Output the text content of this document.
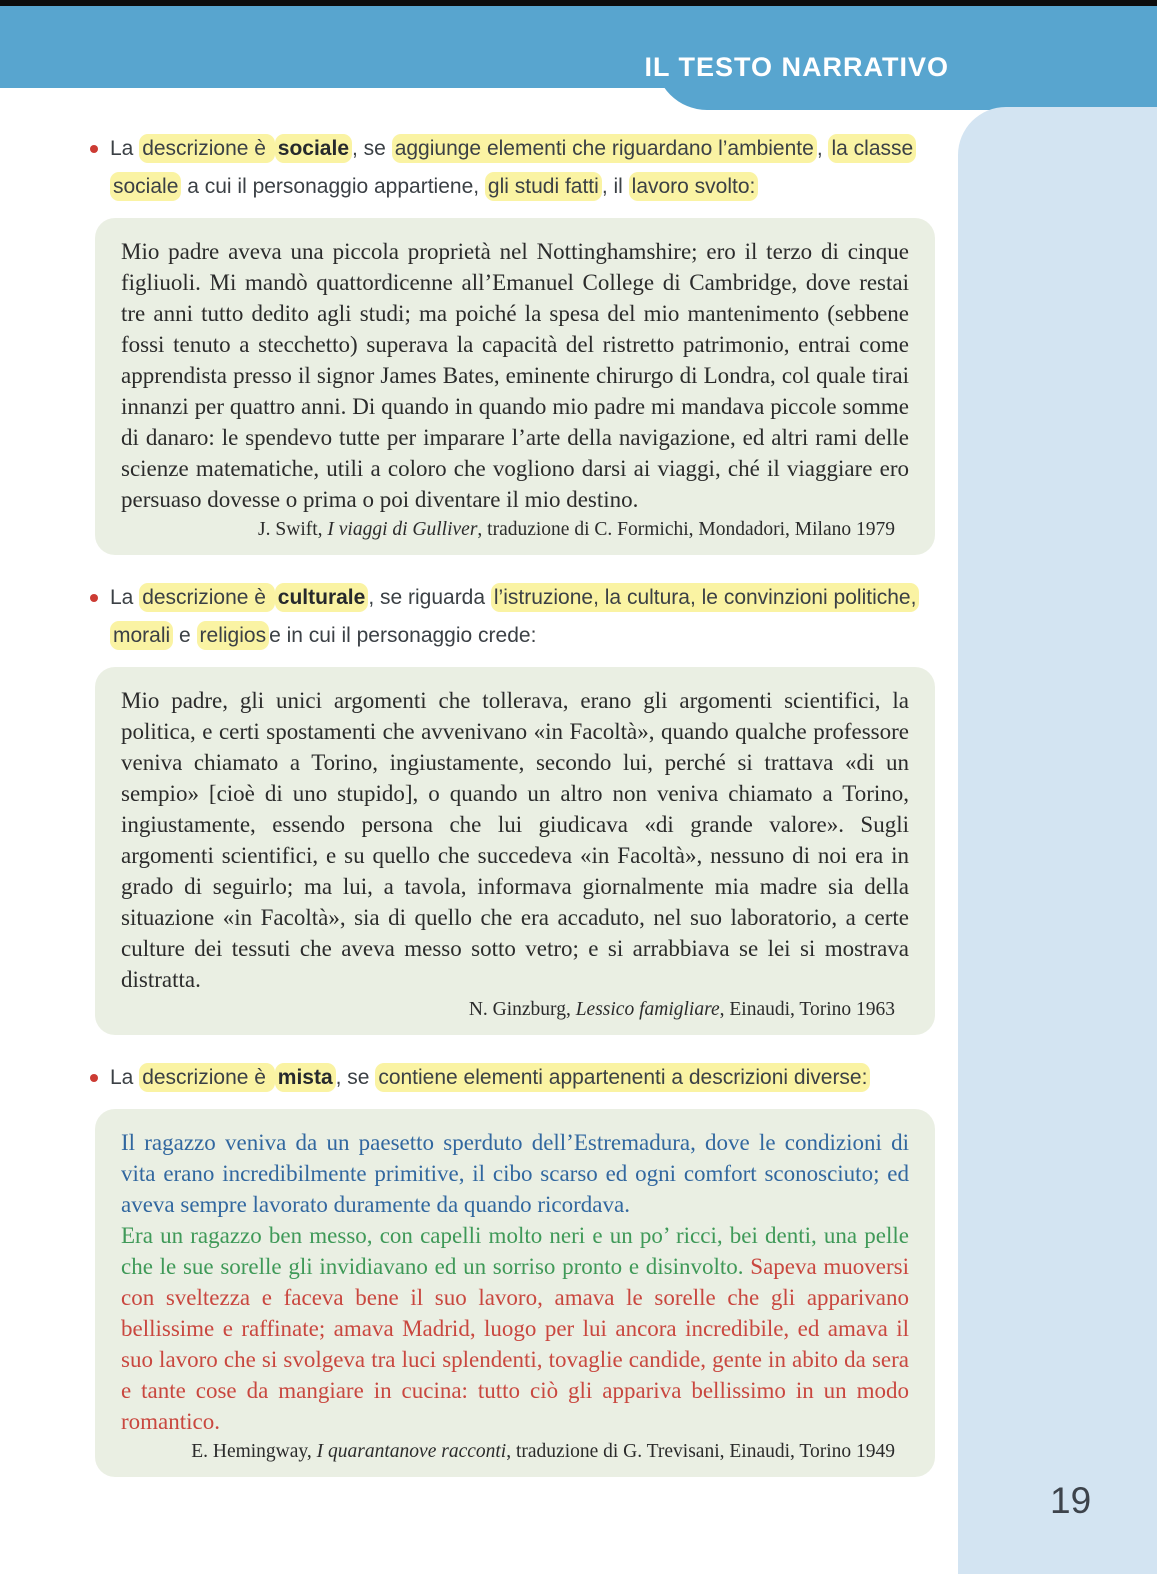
La descrizione è sociale , se aggiunge elementi che riguardano l’ambiente , la classe sociale a cui il personaggio appartiene, gli studi fatti , il lavoro svolto:
Mio padre aveva una piccola proprietà nel Nottinghamshire; ero il terzo di cinque figliuoli. Mi mandò quattordicenne all’Emanuel College di Cambridge, dove restai tre anni tutto dedito agli studi; ma poiché la spesa del mio mantenimento (sebbene fossi tenuto a stecchetto) superava la capacità del ristretto patrimonio, entrai come apprendista presso il signor James Bates, eminente chirurgo di Londra, col quale tirai innanzi per quattro anni. Di quando in quando mio padre mi mandava piccole somme di danaro: le spendevo tutte per imparare l’arte della navigazione, ed altri rami delle scienze matematiche, utili a coloro che vogliono darsi ai viaggi, ché il viaggiare ero persuaso dovesse o prima o poi diventare il mio destino.
J. Swift, I viaggi di Gulliver, traduzione di C. Formichi, Mondadori, Milano 1979
La descrizione è culturale , se riguarda l’istruzione, la cultura, le convinzioni politiche, morali e religios e in cui il personaggio crede:
Mio padre, gli unici argomenti che tollerava, erano gli argomenti scientifici, la politica, e certi spostamenti che avvenivano «in Facoltà», quando qualche professore veniva chiamato a Torino, ingiustamente, secondo lui, perché si trattava «di un sempio» [cioè di uno stupido], o quando un altro non veniva chiamato a Torino, ingiustamente, essendo persona che lui giudicava «di grande valore». Sugli argomenti scientifici, e su quello che succedeva «in Facoltà», nessuno di noi era in grado di seguirlo; ma lui, a tavola, informava giornalmente mia madre sia della situazione «in Facoltà», sia di quello che era accaduto, nel suo laboratorio, a certe culture dei tessuti che aveva messo sotto vetro; e si arrabbiava se lei si mostrava distratta.
N. Ginzburg, Lessico famigliare, Einaudi, Torino 1963
La descrizione è mista , se contiene elementi appartenenti a descrizioni diverse:
Il ragazzo veniva da un paesetto sperduto dell’Estremadura, dove le condizioni di vita erano incredibilmente primitive, il cibo scarso ed ogni comfort sconosciuto; ed aveva sempre lavorato duramente da quando ricordava.
Era un ragazzo ben messo, con capelli molto neri e un po’ ricci, bei denti, una pelle che le sue sorelle gli invidiavano ed un sorriso pronto e disinvolto. Sapeva muoversi con sveltezza e faceva bene il suo lavoro, amava le sorelle che gli apparivano bellissime e raffinate; amava Madrid, luogo per lui ancora incredibile, ed amava il suo lavoro che si svolgeva tra luci splendenti, tovaglie candide, gente in abito da sera e tante cose da mangiare in cucina: tutto ciò gli appariva bellissimo in un modo romantico.
E. Hemingway, I quarantanove racconti, traduzione di G. Trevisani, Einaudi, Torino 1949
IL TESTO NARRATIVO
19
